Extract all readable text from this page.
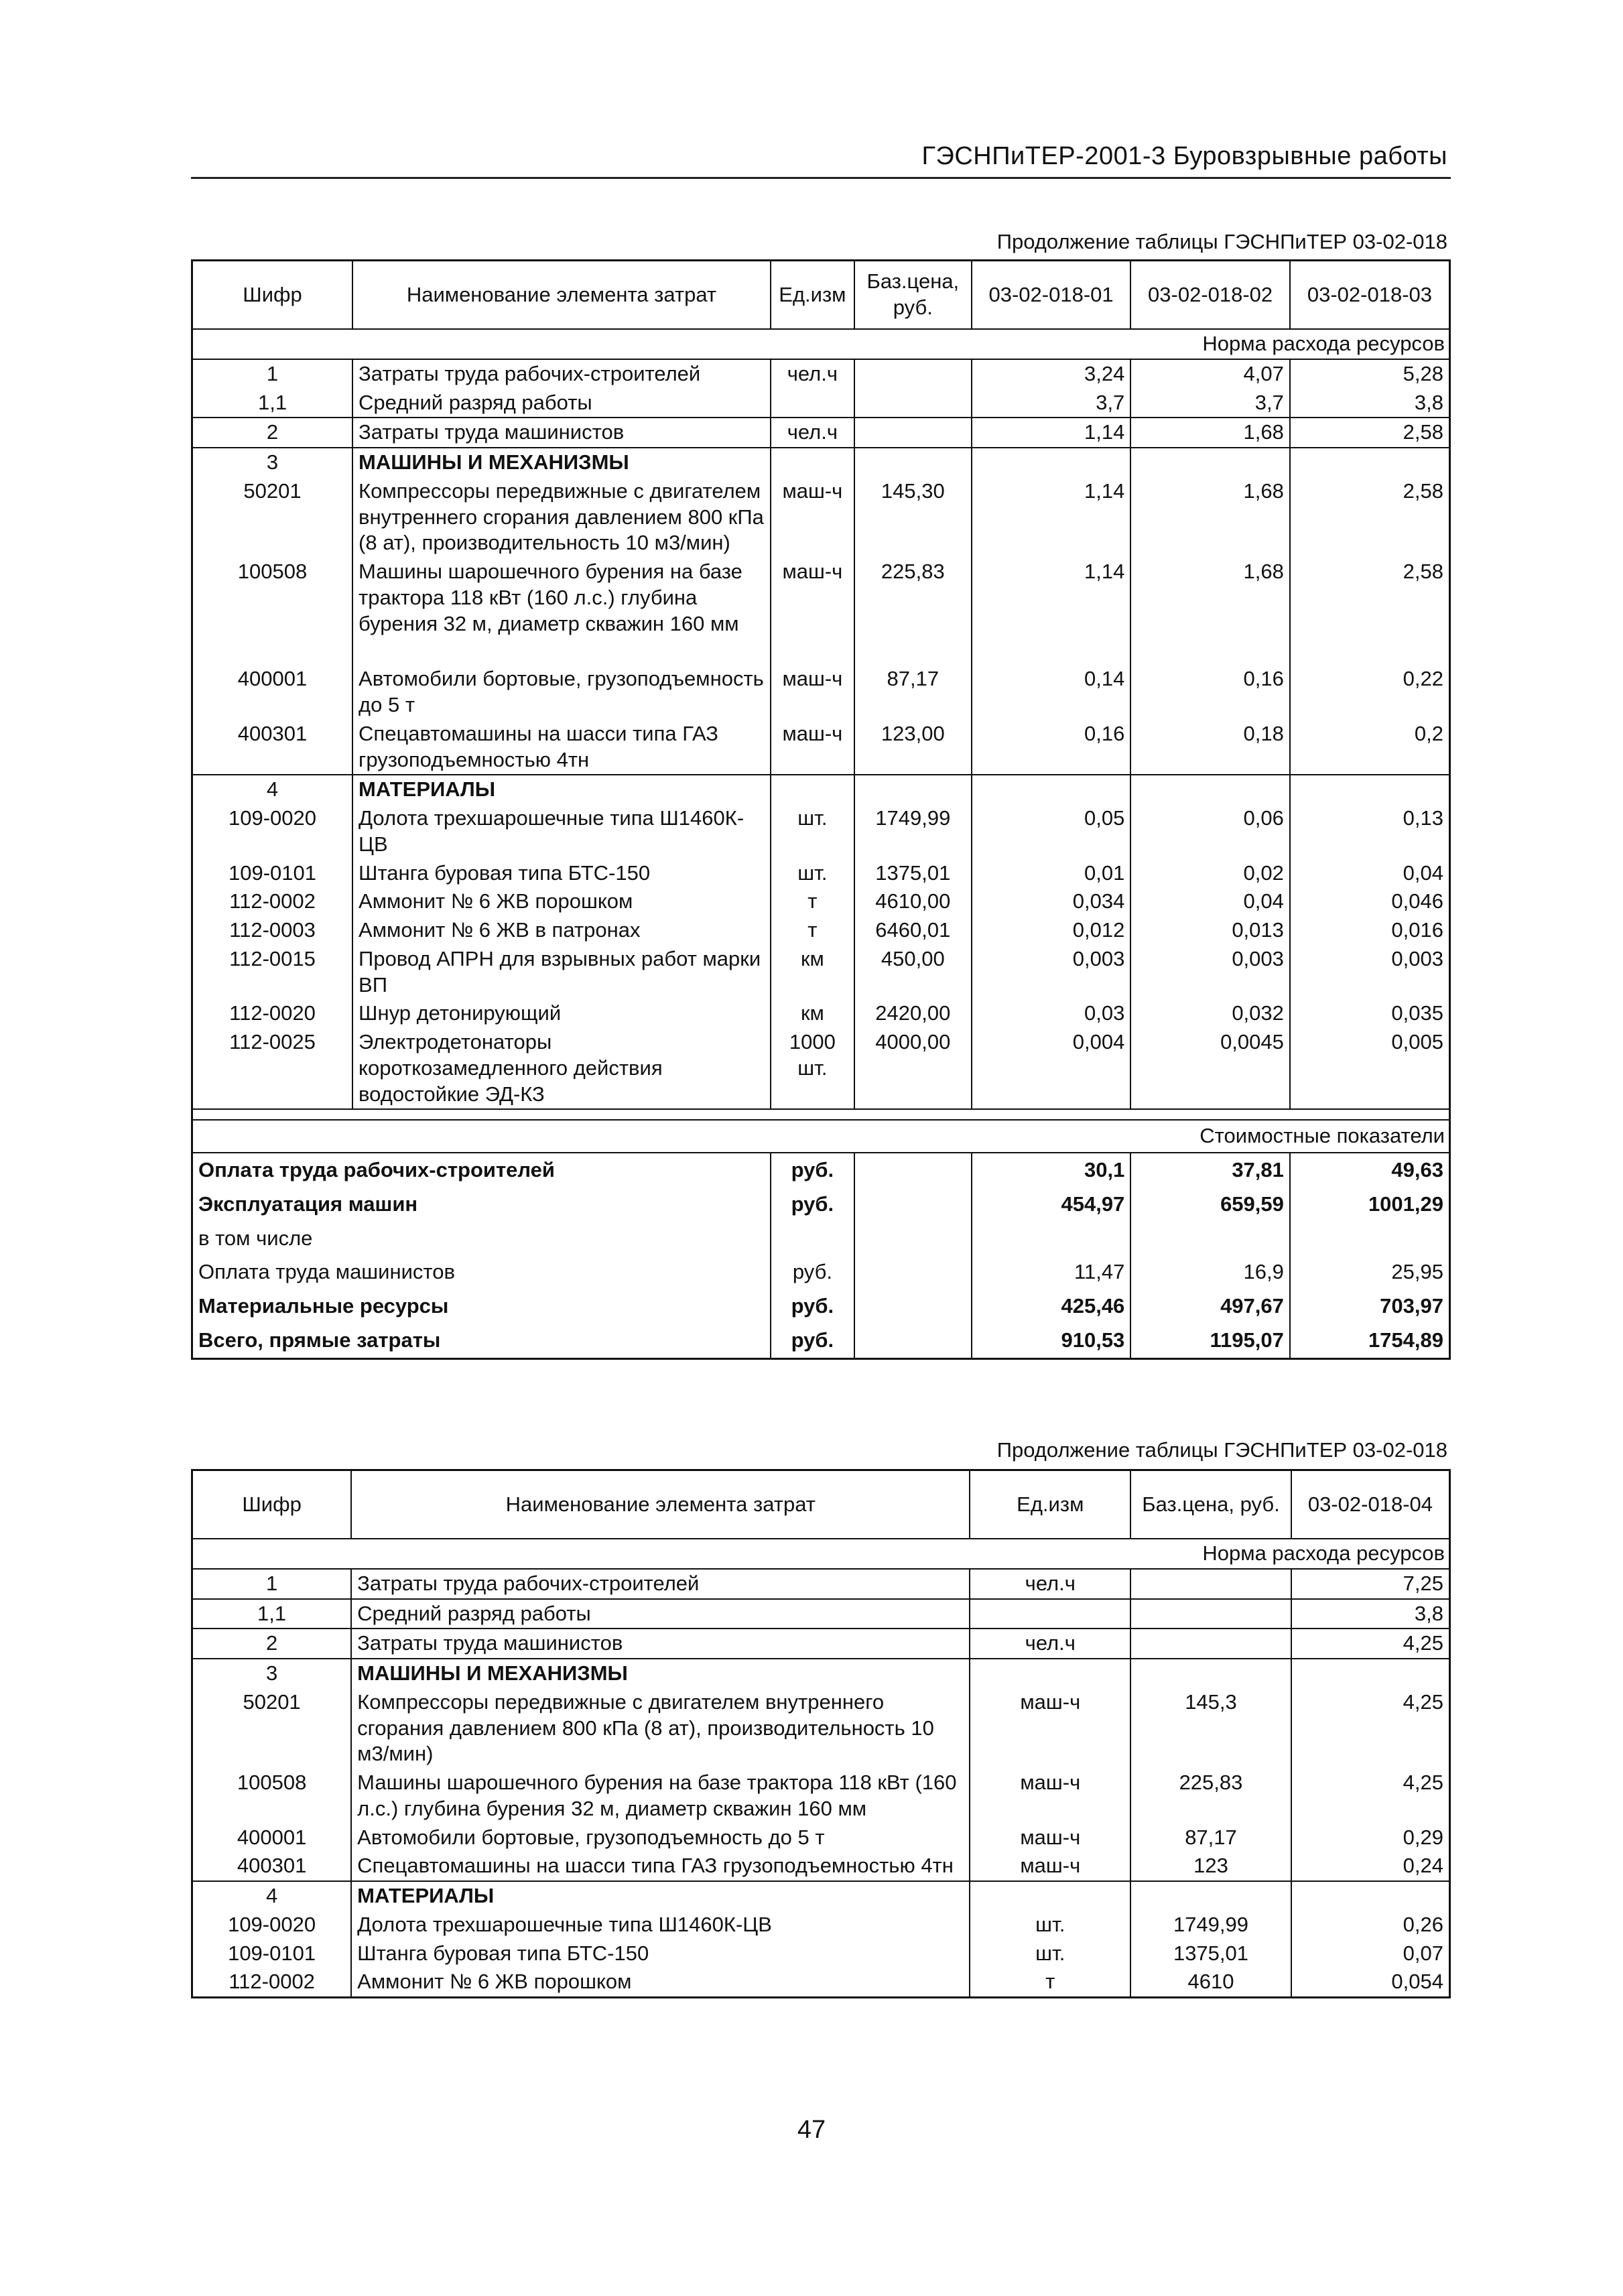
ГЭСНПиТЕР-2001-3 Буровзрывные работы
Продолжение таблицы ГЭСНПиТЕР 03-02-018
Шифр	Наименование элемента затрат	Ед.изм	Баз.цена, руб.	03-02-018-01	03-02-018-02	03-02-018-03
Норма расхода ресурсов						
1	Затраты труда рабочих-строителей	чел.ч		3,24	4,07	5,28
1,1	Средний разряд работы			3,7	3,7	3,8
2	Затраты труда машинистов	чел.ч		1,14	1,68	2,58
3	МАШИНЫ И МЕХАНИЗМЫ					
50201	Компрессоры передвижные с двигателем внутреннего сгорания давлением 800 кПа (8 ат), производительность 10 м3/мин)	маш-ч	145,30	1,14	1,68	2,58
100508	Машины шарошечного бурения на базе трактора 118 кВт (160 л.с.) глубина бурения 32 м, диаметр скважин 160 мм	маш-ч	225,83	1,14	1,68	2,58

400001	Автомобили бортовые, грузоподъемность до 5 т	маш-ч	87,17	0,14	0,16	0,22
400301	Спецавтомашины на шасси типа ГАЗ грузоподъемностью 4тн	маш-ч	123,00	0,16	0,18	0,2
4	МАТЕРИАЛЫ					
109-0020	Долота трехшарошечные типа Ш1460К-ЦВ	шт.	1749,99	0,05	0,06	0,13
109-0101	Штанга буровая типа БТС-150	шт.	1375,01	0,01	0,02	0,04
112-0002	Аммонит № 6 ЖВ порошком	т	4610,00	0,034	0,04	0,046
112-0003	Аммонит № 6 ЖВ в патронах	т	6460,01	0,012	0,013	0,016
112-0015	Провод АПРН для взрывных работ марки ВП	км	450,00	0,003	0,003	0,003
112-0020	Шнур детонирующий	км	2420,00	0,03	0,032	0,035
112-0025	Электродетонаторы короткозамедленного действия водостойкие ЭД-КЗ	1000 шт.	4000,00	0,004	0,0045	0,005

Стоимостные показатели						
Оплата труда рабочих-строителей		руб.		30,1	37,81	49,63
Эксплуатация машин		руб.		454,97	659,59	1001,29
в том числе						
Оплата труда машинистов		руб.		11,47	16,9	25,95
Материальные ресурсы		руб.		425,46	497,67	703,97
Всего, прямые затраты		руб.		910,53	1195,07	1754,89
Продолжение таблицы ГЭСНПиТЕР 03-02-018
Шифр	Наименование элемента затрат	Ед.изм	Баз.цена, руб.	03-02-018-04
Норма расхода ресурсов				
1	Затраты труда рабочих-строителей	чел.ч		7,25
1,1	Средний разряд работы			3,8
2	Затраты труда машинистов	чел.ч		4,25
3	МАШИНЫ И МЕХАНИЗМЫ			
50201	Компрессоры передвижные с двигателем внутреннего сгорания давлением 800 кПа (8 ат), производительность 10 м3/мин)	маш-ч	145,3	4,25
100508	Машины шарошечного бурения на базе трактора 118 кВт (160 л.с.) глубина бурения 32 м, диаметр скважин 160 мм	маш-ч	225,83	4,25
400001	Автомобили бортовые, грузоподъемность до 5 т	маш-ч	87,17	0,29
400301	Спецавтомашины на шасси типа ГАЗ грузоподъемностью 4тн	маш-ч	123	0,24
4	МАТЕРИАЛЫ			
109-0020	Долота трехшарошечные типа Ш1460К-ЦВ	шт.	1749,99	0,26
109-0101	Штанга буровая типа БТС-150	шт.	1375,01	0,07
112-0002	Аммонит № 6 ЖВ порошком	т	4610	0,054
47
